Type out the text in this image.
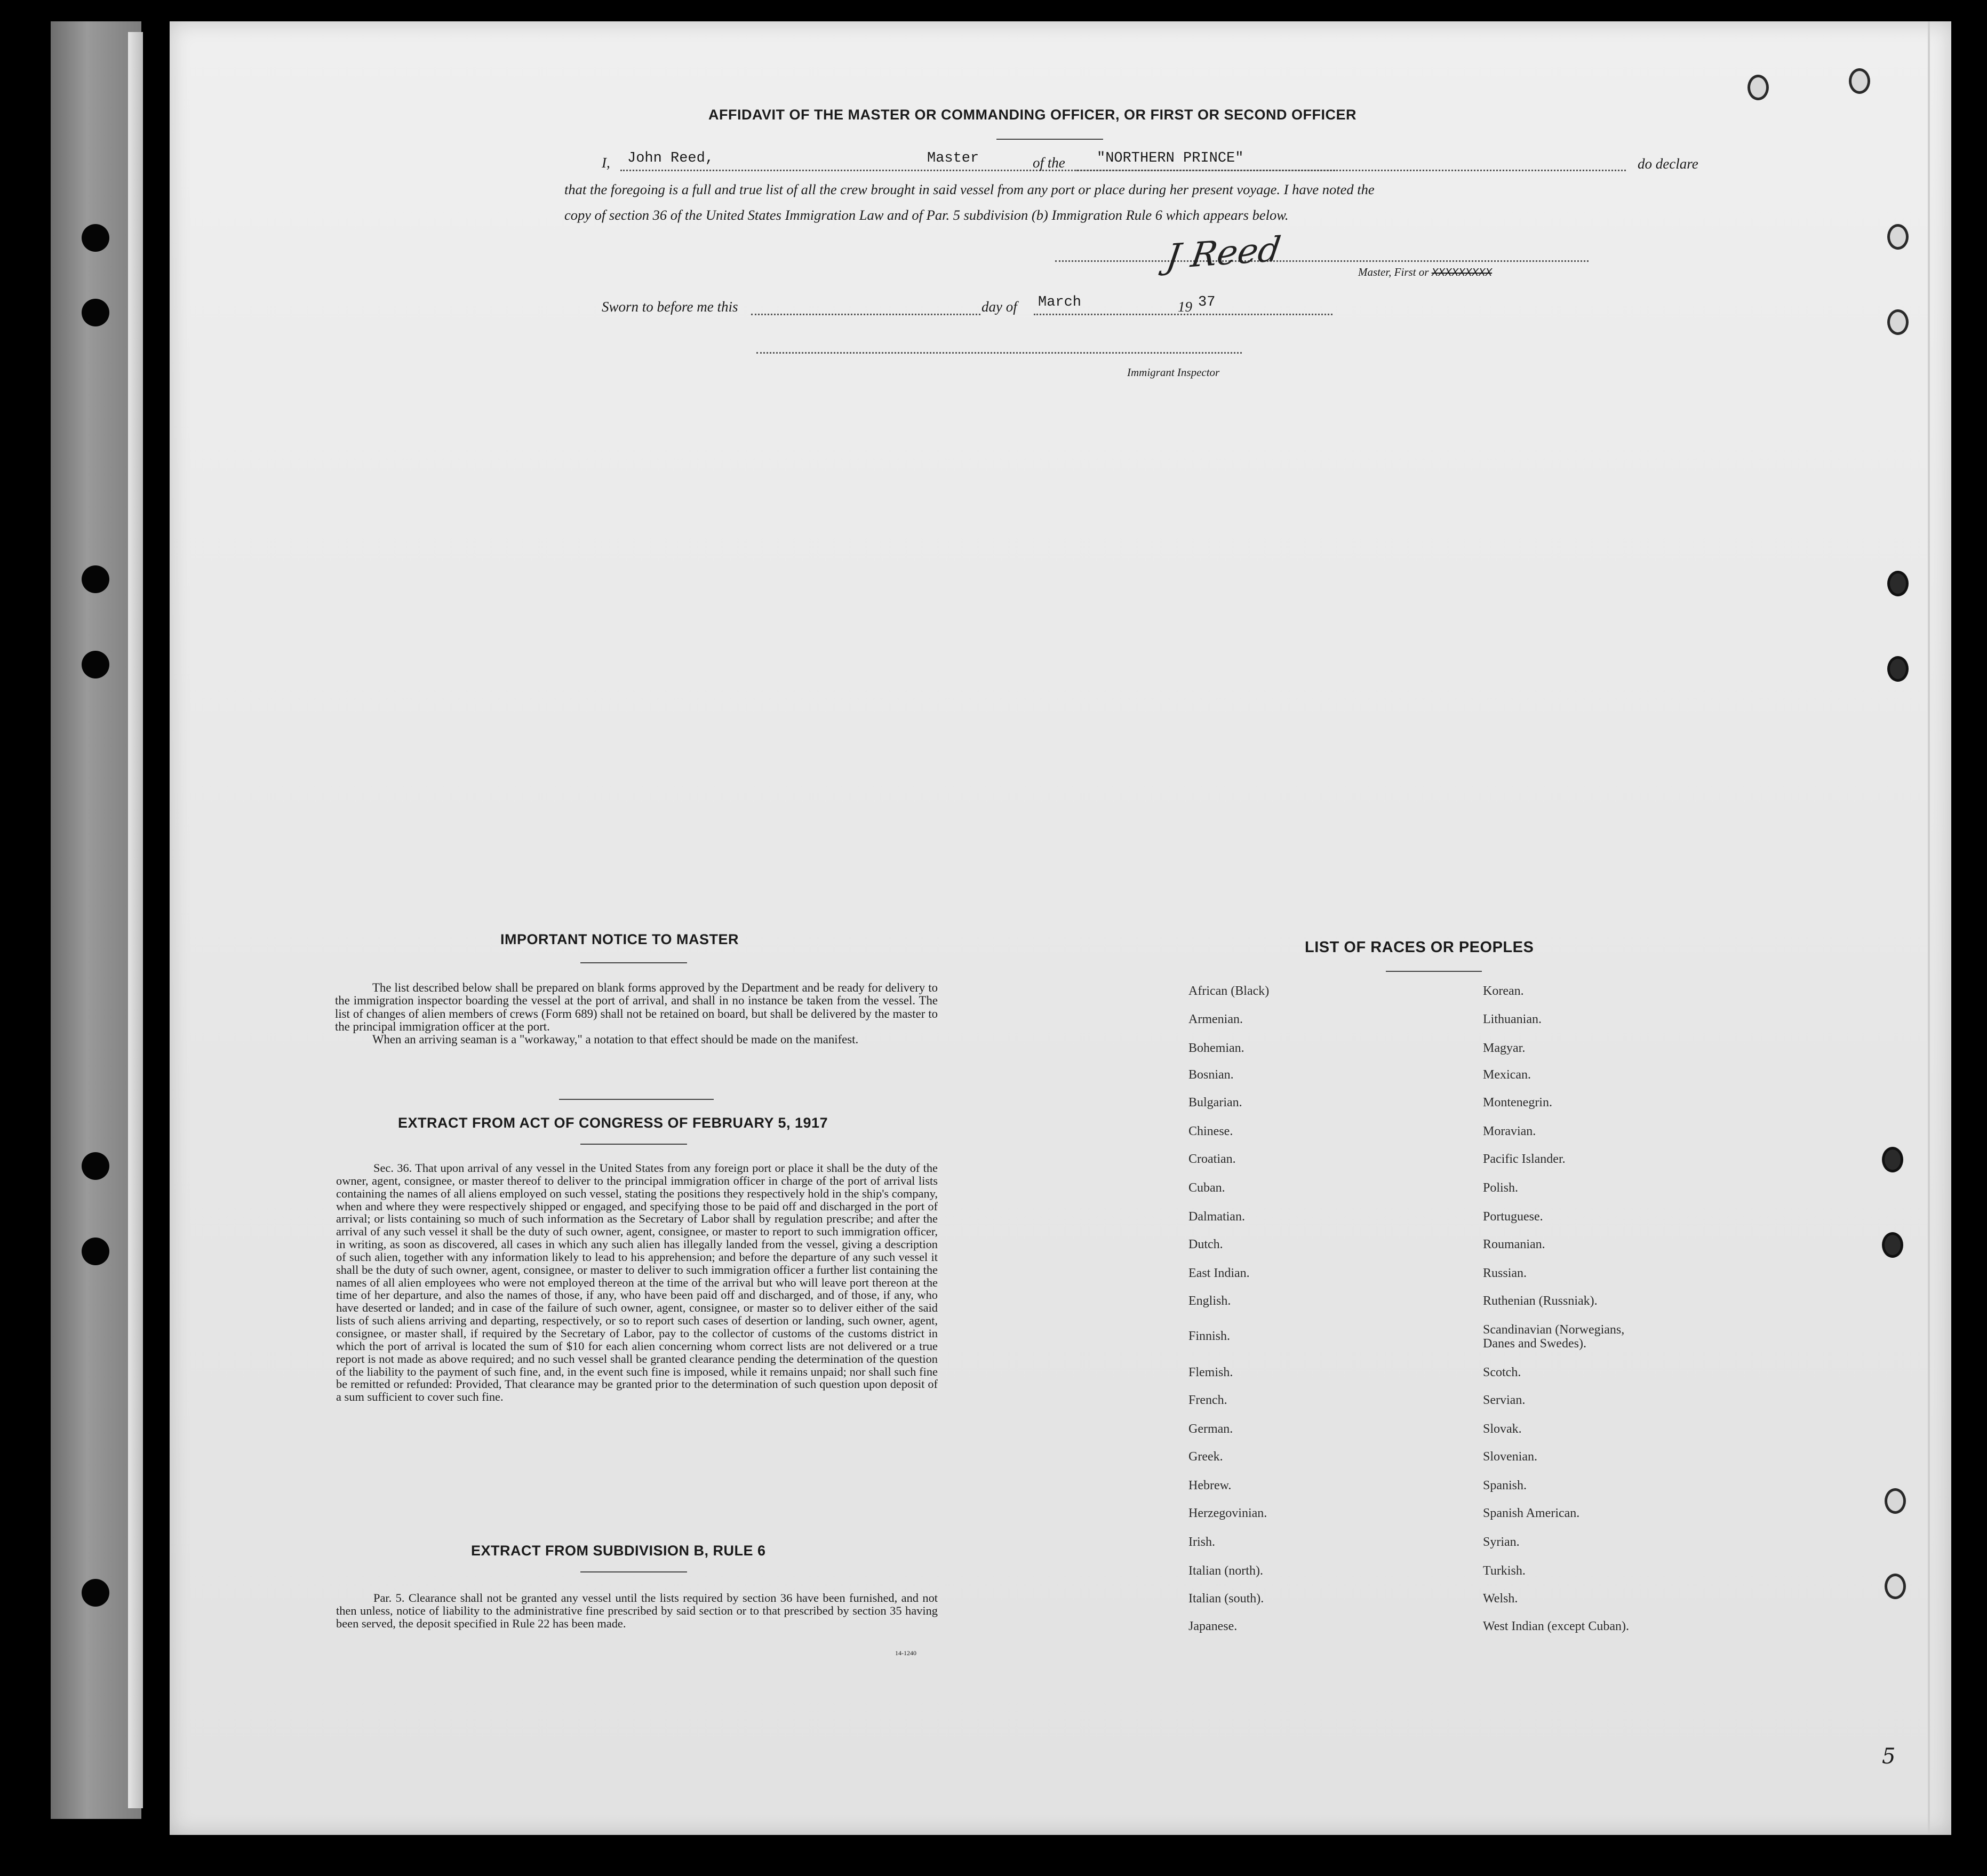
AFFIDAVIT OF THE MASTER OR COMMANDING OFFICER, OR FIRST OR SECOND OFFICER
I, John Reed,	Master	of the "NORTHERN PRINCE"	do declare
that the foregoing is a full and true list of all the crew brought in said vessel from any port or place during her present voyage. I have noted the
copy of section 36 of the United States Immigration Law and of Par. 5 subdivision (b) Immigration Rule 6 which appears below.
J Reed	Master, First or XXXXXXXXX
Sworn to before me this	day of March	19 37
Immigrant Inspector
IMPORTANT NOTICE TO MASTER

The list described below shall be prepared on blank forms approved by the Department and be ready for delivery to the immigration inspector boarding the vessel at the port of arrival, and shall in no instance be taken from the vessel. The list of changes of alien members of crews (Form 689) shall not be retained on board, but shall be delivered by the master to the principal immigration officer at the port.

When an arriving seaman is a "workaway," a notation to that effect should be made on the manifest.

EXTRACT FROM ACT OF CONGRESS OF FEBRUARY 5, 1917

Sec. 36. That upon arrival of any vessel in the United States from any foreign port or place it shall be the duty of the owner, agent, consignee, or master thereof to deliver to the principal immigration officer in charge of the port of arrival lists containing the names of all aliens employed on such vessel, stating the positions they respectively hold in the ship's company, when and where they were respectively shipped or engaged, and specifying those to be paid off and discharged in the port of arrival; or lists containing so much of such information as the Secretary of Labor shall by regulation prescribe; and after the arrival of any such vessel it shall be the duty of such owner, agent, consignee, or master to report to such immigration officer, in writing, as soon as discovered, all cases in which any such alien has illegally landed from the vessel, giving a description of such alien, together with any information likely to lead to his apprehension; and before the departure of any such vessel it shall be the duty of such owner, agent, consignee, or master to deliver to such immigration officer a further list containing the names of all alien employees who were not employed thereon at the time of the arrival but who will leave port thereon at the time of her departure, and also the names of those, if any, who have been paid off and discharged, and of those, if any, who have deserted or landed; and in case of the failure of such owner, agent, consignee, or master so to deliver either of the said lists of such aliens arriving and departing, respectively, or so to report such cases of desertion or landing, such owner, agent, consignee, or master shall, if required by the Secretary of Labor, pay to the collector of customs of the customs district in which the port of arrival is located the sum of $10 for each alien concerning whom correct lists are not delivered or a true report is not made as above required; and no such vessel shall be granted clearance pending the determination of the question of the liability to the payment of such fine, and, in the event such fine is imposed, while it remains unpaid; nor shall such fine be remitted or refunded: Provided, That clearance may be granted prior to the determination of such question upon deposit of a sum sufficient to cover such fine.

EXTRACT FROM SUBDIVISION B, RULE 6

Par. 5. Clearance shall not be granted any vessel until the lists required by section 36 have been furnished, and not then unless, notice of liability to the administrative fine prescribed by said section or to that prescribed by section 35 having been served, the deposit specified in Rule 22 has been made.

14-1240
LIST OF RACES OR PEOPLES
5
African (Black)
Armenian.
Bohemian.
Bosnian.
Bulgarian.
Chinese.
Croatian.
Cuban.
Dalmatian.
Dutch.
East Indian.
English.
Finnish.
Flemish.
French.
German.
Greek.
Hebrew.
Herzegovinian.
Irish.
Italian (north).
Italian (south).
Japanese.
Korean.
Lithuanian.
Magyar.
Mexican.
Montenegrin.
Moravian.
Pacific Islander.
Polish.
Portuguese.
Roumanian.
Russian.
Ruthenian (Russniak).
Scandinavian (Norwegians, Danes and Swedes).
Scotch.
Servian.
Slovak.
Slovenian.
Spanish.
Spanish American.
Syrian.
Turkish.
Welsh.
West Indian (except Cuban).
